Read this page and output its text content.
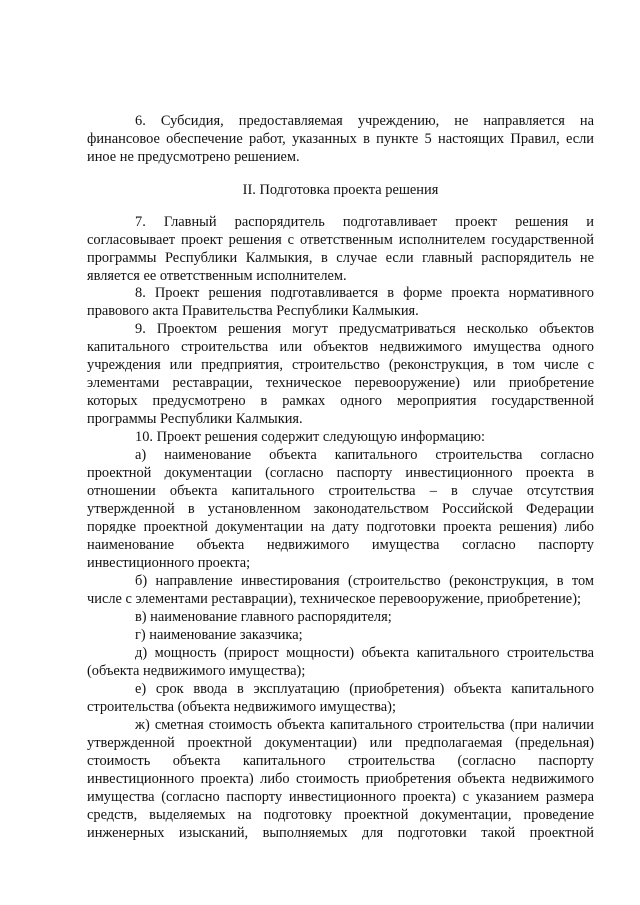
6. Субсидия, предоставляемая учреждению, не направляется на
финансовое обеспечение работ, указанных в пункте 5 настоящих Правил, если
иное не предусмотрено решением.
II. Подготовка проекта решения
7. Главный распорядитель подготавливает проект решения и
согласовывает проект решения с ответственным исполнителем государственной
программы Республики Калмыкия, в случае если главный распорядитель не
является ее ответственным исполнителем.
8. Проект решения подготавливается в форме проекта нормативного
правового акта Правительства Республики Калмыкия.
9. Проектом решения могут предусматриваться несколько объектов
капитального строительства или объектов недвижимого имущества одного
учреждения или предприятия, строительство (реконструкция, в том числе с
элементами реставрации, техническое перевооружение) или приобретение
которых предусмотрено в рамках одного мероприятия государственной
программы Республики Калмыкия.
10. Проект решения содержит следующую информацию:
а) наименование объекта капитального строительства согласно
проектной документации (согласно паспорту инвестиционного проекта в
отношении объекта капитального строительства – в случае отсутствия
утвержденной в установленном законодательством Российской Федерации
порядке проектной документации на дату подготовки проекта решения) либо
наименование объекта недвижимого имущества согласно паспорту
инвестиционного проекта;
б) направление инвестирования (строительство (реконструкция, в том
числе с элементами реставрации), техническое перевооружение, приобретение);
в) наименование главного распорядителя;
г) наименование заказчика;
д) мощность (прирост мощности) объекта капитального строительства
(объекта недвижимого имущества);
е) срок ввода в эксплуатацию (приобретения) объекта капитального
строительства (объекта недвижимого имущества);
ж) сметная стоимость объекта капитального строительства (при наличии
утвержденной проектной документации) или предполагаемая (предельная)
стоимость объекта капитального строительства (согласно паспорту
инвестиционного проекта) либо стоимость приобретения объекта недвижимого
имущества (согласно паспорту инвестиционного проекта) с указанием размера
средств, выделяемых на подготовку проектной документации, проведение
инженерных изысканий, выполняемых для подготовки такой проектной
